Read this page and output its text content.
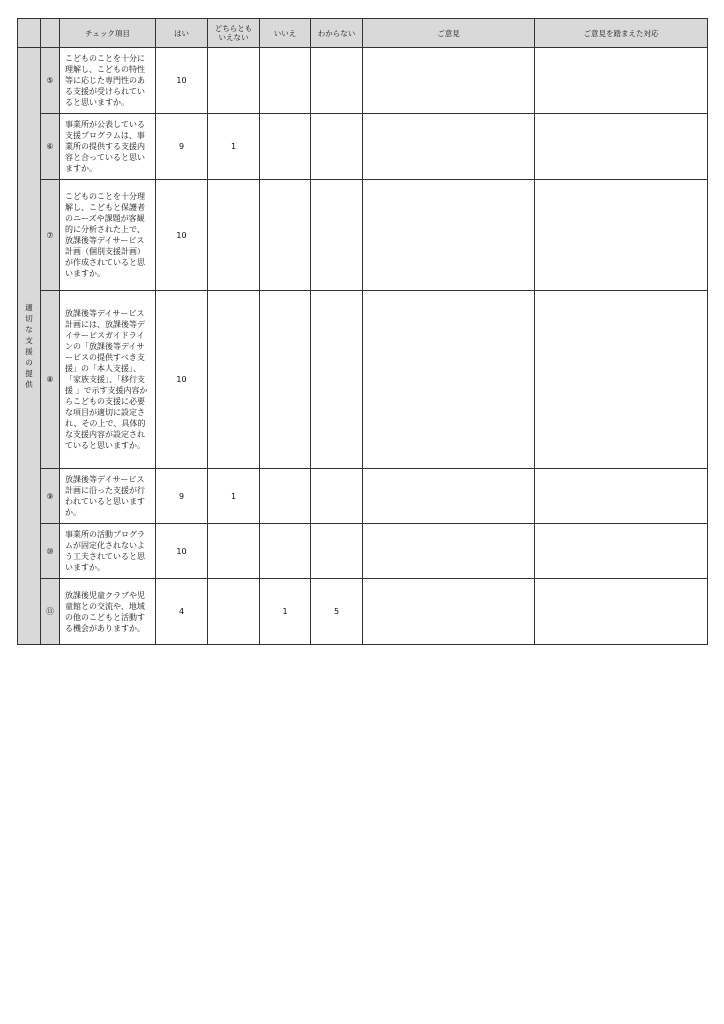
		チェック項目	はい	どちらとも
いえない	いいえ	わからない	ご意見	ご意見を踏まえた対応
適切な支援の提供	⑤	こどものことを十分に理解し、こどもの特性等に応じた専門性のある支援が受けられていると思いますか。	10					
	⑥	事業所が公表している支援プログラムは、事業所の提供する支援内容と合っていると思いますか。	9	1				
	⑦	こどものことを十分理解し、こどもと保護者のニーズや課題が客観的に分析された上で、放課後等デイサービス計画（個別支援計画）が作成されていると思いますか。	10					
	⑧	放課後等デイサービス計画には、放課後等デイサービスガイドラインの「放課後等デイサービスの提供すべき支援」の「本人支援」、「家族支援」、「移行支援 」で示す支援内容からこどもの支援に必要な項目が適切に設定され、その上で、具体的な支援内容が設定されていると思いますか。	10					
	⑨	放課後等デイサービス計画に沿った支援が行われていると思いますか。	9	1				
	⑩	事業所の活動プログラムが固定化されないよう工夫されていると思いますか。	10					
	⑪	放課後児童クラブや児童館との交流や、地域の他のこどもと活動する機会がありますか。	4		1	5		
